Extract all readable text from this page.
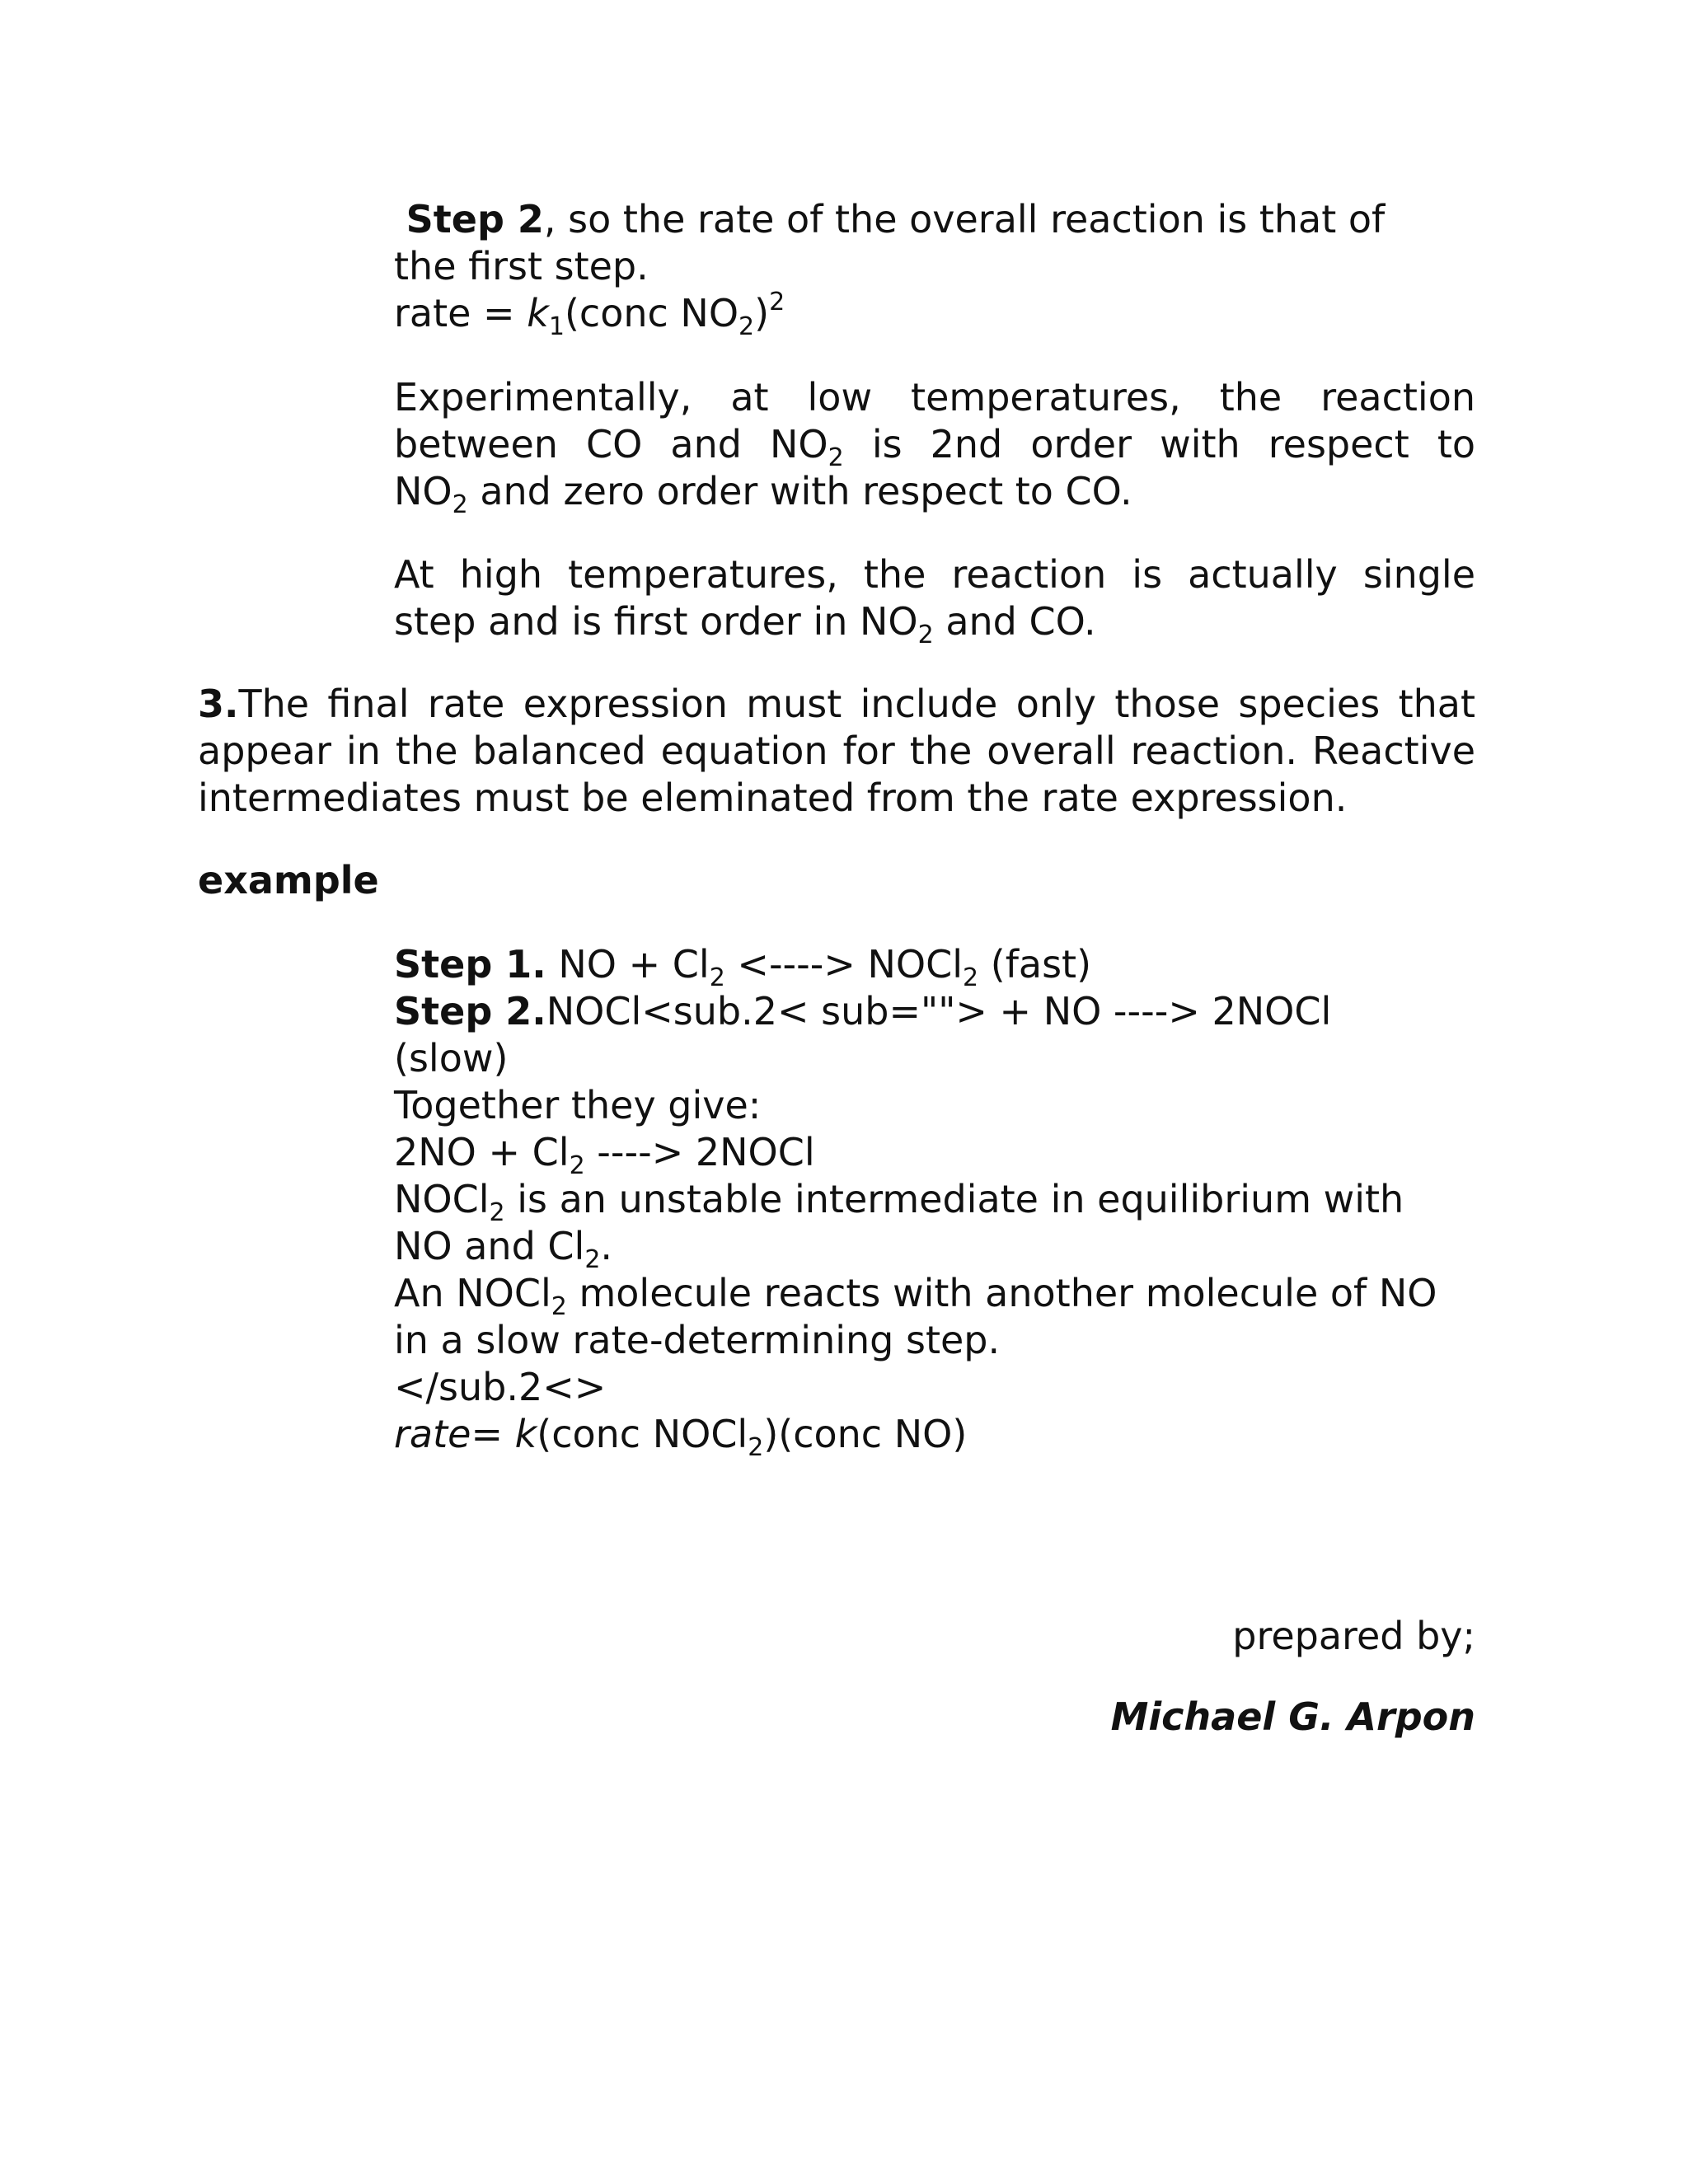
Step 2, so the rate of the overall reaction is that of
the first step.
rate = $k_1(conc$ $NO_2)^2$
Experimentally, at low temperatures, the reaction
between CO and $NO_2$ is 2nd order with respect to
$NO_2$ and zero order with respect to CO.
At high temperatures, the reaction is actually single
step and is first order in $NO_2$ and CO.
3.The final rate expression must include only those species that
appear in the balanced equation for the overall reaction. Reactive
intermediates must be eleminated from the rate expression.
example
Step 1. NO + $Cl_2$ <----> NOCl$_2$ (fast)
Step 2.NOCl<sub.2< sub=""> + NO ----> 2NOCl
(slow)
Together they give:
$2NO + Cl_2$ ----> 2NOCl
NOCl$_2$ is an unstable intermediate in equilibrium with
NO and $Cl_2$.
An NOCl$_2$ molecule reacts with another molecule of NO
in a slow rate-determining step.
</sub.2<>
rate= k(conc NOCl$_2$)(conc NO)
prepared by;
Michael G. Arpon
